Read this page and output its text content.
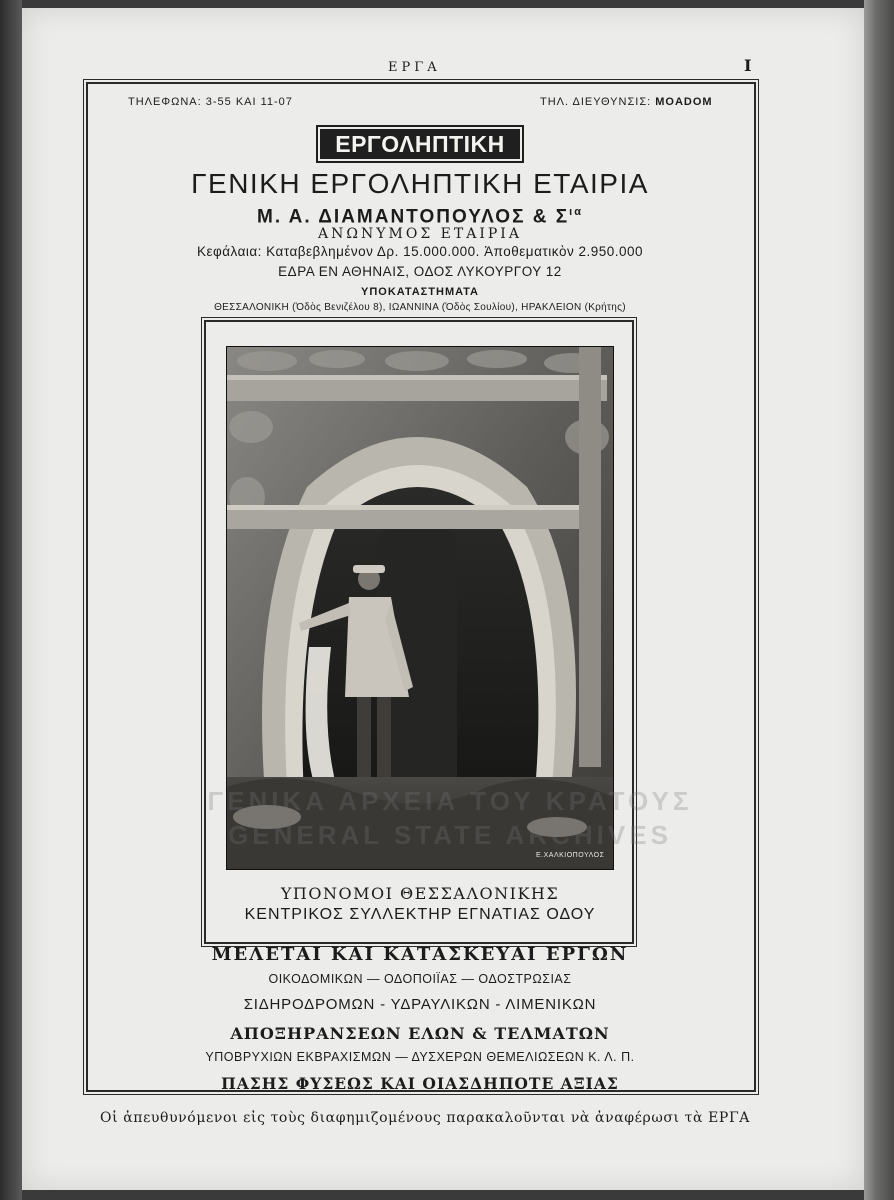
ΕΡΓΑ	I
ΤΗΛΕΦΩΝΑ: 3-55 ΚΑΙ 11-07	ΤΗΛ. ΔΙΕΥΘΥΝΣΙΣ: MOADOM
ΕΡΓΟΛΗΠΤΙΚΗ
ΓΕΝΙΚΗ ΕΡΓΟΛΗΠΤΙΚΗ ΕΤΑΙΡΙΑ
Μ. Α. ΔΙΑΜΑΝΤΟΠΟΥΛΟΣ & $\Sigma^{\iota\alpha}$
ΑΝΩΝΥΜΟΣ ΕΤΑΙΡΙΑ
Κεφάλαια: Καταβεβλημένον Δρ. 15.000.000. Ἀποθεματικὸν 2.950.000
ΕΔΡΑ ΕΝ ΑΘΗΝΑΙΣ, ΟΔΟΣ ΛΥΚΟΥΡΓΟΥ 12
ΥΠΟΚΑΤΑΣΤΗΜΑΤΑ
ΘΕΣΣΑΛΟΝΙΚΗ (Ὁδὸς Βενιζέλου 8), ΙΩΑΝΝΙΝΑ (Ὁδὸς Σουλίου), ΗΡΑΚΛΕΙΟΝ (Κρήτης)
Ε.ΧΑΛΚΙΟΠΟΥΛΟΣ
ΥΠΟΝΟΜΟΙ ΘΕΣΣΑΛΟΝΙΚΗΣ
ΚΕΝΤΡΙΚΟΣ ΣΥΛΛΕΚΤΗΡ ΕΓΝΑΤΙΑΣ ΟΔΟΥ
ΜΕΛΕΤΑΙ ΚΑΙ ΚΑΤΑΣΚΕΥΑΙ ΕΡΓΩΝ
ΟΙΚΟΔΟΜΙΚΩΝ — ΟΔΟΠΟΙΪΑΣ — ΟΔΟΣΤΡΩΣΙΑΣ
ΣΙΔΗΡΟΔΡΟΜΩΝ - ΥΔΡΑΥΛΙΚΩΝ - ΛΙΜΕΝΙΚΩΝ
ΑΠΟΞΗΡΑΝΣΕΩΝ ΕΛΩΝ & ΤΕΛΜΑΤΩΝ
ΥΠΟΒΡΥΧΙΩΝ ΕΚΒΡΑΧΙΣΜΩΝ — ΔΥΣΧΕΡΩΝ ΘΕΜΕΛΙΩΣΕΩΝ Κ. Λ. Π.
ΠΑΣΗΣ ΦΥΣΕΩΣ ΚΑΙ ΟΙΑΣΔΗΠΟΤΕ ΑΞΙΑΣ
ΓΕΝΙΚΑ ΑΡΧΕΙΑ ΤΟΥ ΚΡΑΤΟΥΣ
GENERAL STATE ARCHIVES
Οἱ ἀπευθυνόμενοι εἰς τοὺς διαφημιζομένους παρακαλοῦνται νὰ ἀναφέρωσι τὰ ΕΡΓΑ
